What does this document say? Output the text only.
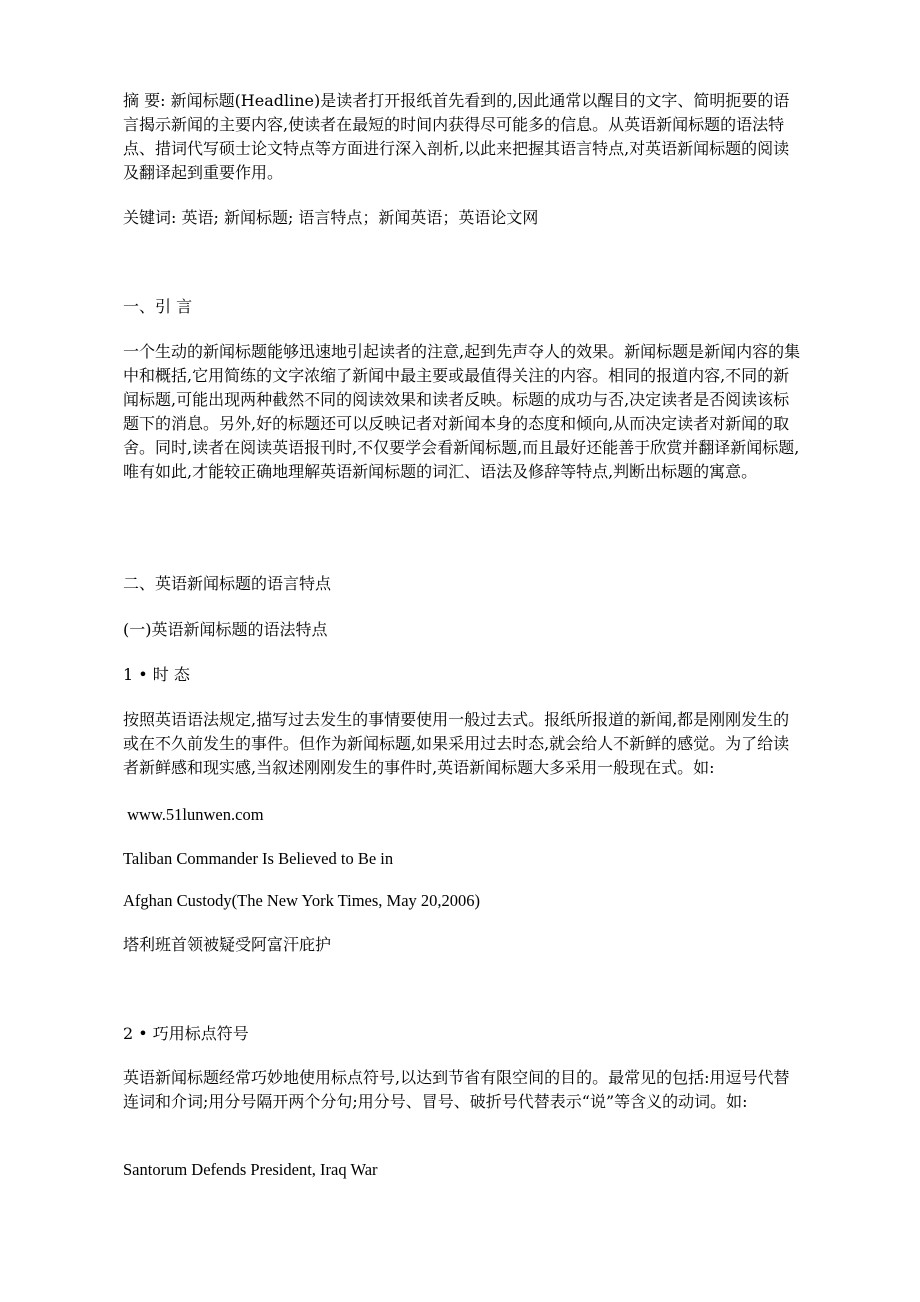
摘 要: 新闻标题(Headline)是读者打开报纸首先看到的,因此通常以醒目的文字、简明扼要的语言揭示新闻的主要内容,使读者在最短的时间内获得尽可能多的信息。从英语新闻标题的语法特点、措词代写硕士论文特点等方面进行深入剖析,以此来把握其语言特点,对英语新闻标题的阅读及翻译起到重要作用。

关键词: 英语; 新闻标题; 语言特点；新闻英语；英语论文网

一、引 言

一个生动的新闻标题能够迅速地引起读者的注意,起到先声夺人的效果。新闻标题是新闻内容的集中和概括,它用简练的文字浓缩了新闻中最主要或最值得关注的内容。相同的报道内容,不同的新闻标题,可能出现两种截然不同的阅读效果和读者反映。标题的成功与否,决定读者是否阅读该标题下的消息。另外,好的标题还可以反映记者对新闻本身的态度和倾向,从而决定读者对新闻的取舍。同时,读者在阅读英语报刊时,不仅要学会看新闻标题,而且最好还能善于欣赏并翻译新闻标题,唯有如此,才能较正确地理解英语新闻标题的词汇、语法及修辞等特点,判断出标题的寓意。

二、英语新闻标题的语言特点

(一)英语新闻标题的语法特点

1 • 时 态

按照英语语法规定,描写过去发生的事情要使用一般过去式。报纸所报道的新闻,都是刚刚发生的或在不久前发生的事件。但作为新闻标题,如果采用过去时态,就会给人不新鲜的感觉。为了给读者新鲜感和现实感,当叙述刚刚发生的事件时,英语新闻标题大多采用一般现在式。如:

www.51lunwen.com

Taliban Commander Is Believed to Be in

Afghan Custody(The New York Times, May 20,2006)

塔利班首领被疑受阿富汗庇护

2 • 巧用标点符号

英语新闻标题经常巧妙地使用标点符号,以达到节省有限空间的目的。最常见的包括:用逗号代替连词和介词;用分号隔开两个分句;用分号、冒号、破折号代替表示“说”等含义的动词。如:

Santorum Defends President, Iraq War
